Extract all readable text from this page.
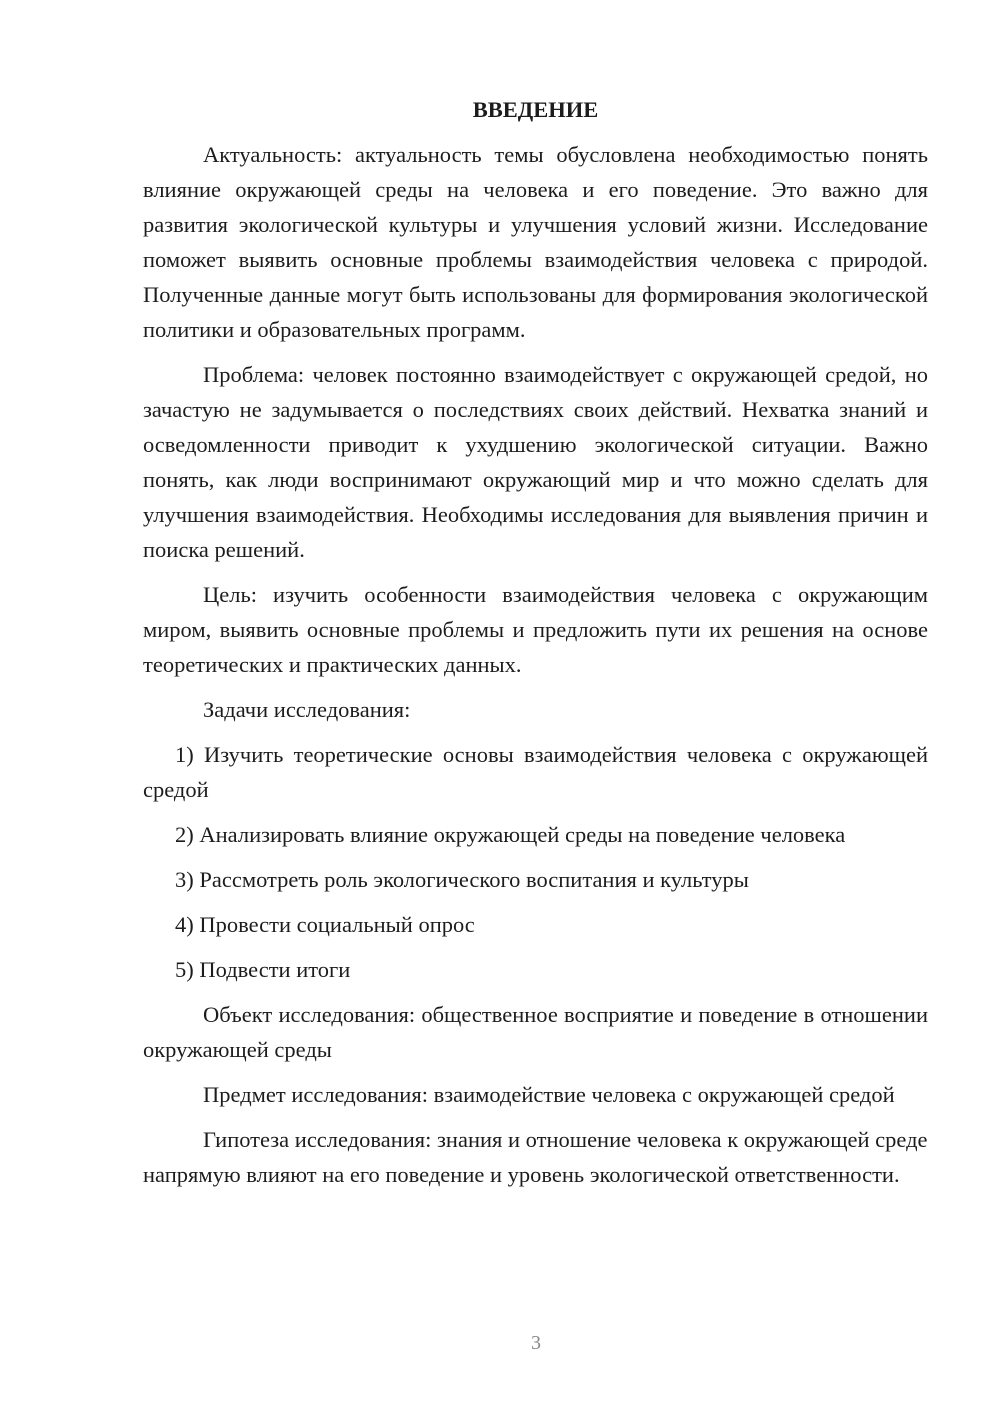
ВВЕДЕНИЕ

Актуальность: актуальность темы обусловлена необходимостью понять влияние окружающей среды на человека и его поведение. Это важно для развития экологической культуры и улучшения условий жизни. Исследование поможет выявить основные проблемы взаимодействия человека с природой. Полученные данные могут быть использованы для формирования экологической политики и образовательных программ.

Проблема: человек постоянно взаимодействует с окружающей средой, но зачастую не задумывается о последствиях своих действий. Нехватка знаний и осведомленности приводит к ухудшению экологической ситуации. Важно понять, как люди воспринимают окружающий мир и что можно сделать для улучшения взаимодействия. Необходимы исследования для выявления причин и поиска решений.

Цель: изучить особенности взаимодействия человека с окружающим миром, выявить основные проблемы и предложить пути их решения на основе теоретических и практических данных.

Задачи исследования:

1) Изучить теоретические основы взаимодействия человека с окружающей средой
2) Анализировать влияние окружающей среды на поведение человека
3) Рассмотреть роль экологического воспитания и культуры
4) Провести социальный опрос
5) Подвести итоги

Объект исследования: общественное восприятие и поведение в отношении окружающей среды

Предмет исследования: взаимодействие человека с окружающей средой

Гипотеза исследования: знания и отношение человека к окружающей среде напрямую влияют на его поведение и уровень экологической ответственности.

3
